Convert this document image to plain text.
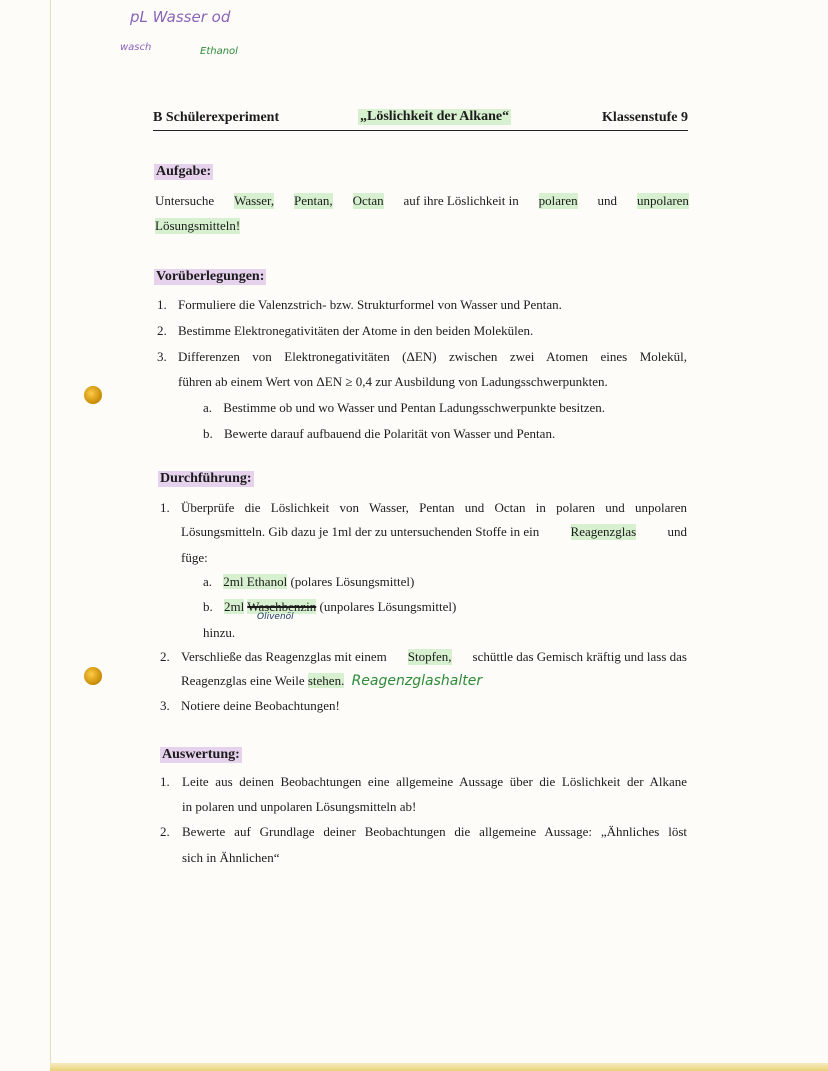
pL Wasser od
wasch	Ethanol
B Schülerexperiment	„Löslichkeit der Alkane“	Klassenstufe 9
Aufgabe:
Untersuche Wasser, Pentan, Octan auf ihre Löslichkeit in polaren und unpolaren
Lösungsmitteln!
Vorüberlegungen:
1. Formuliere die Valenzstrich- bzw. Strukturformel von Wasser und Pentan.
2. Bestimme Elektronegativitäten der Atome in den beiden Molekülen.
3. Differenzen von Elektronegativitäten (ΔEN) zwischen zwei Atomen eines Molekül,
führen ab einem Wert von ΔEN ≥ 0,4 zur Ausbildung von Ladungsschwerpunkten.
a. Bestimme ob und wo Wasser und Pentan Ladungsschwerpunkte besitzen.
b. Bewerte darauf aufbauend die Polarität von Wasser und Pentan.
Durchführung:
1. Überprüfe die Löslichkeit von Wasser, Pentan und Octan in polaren und unpolaren
Lösungsmitteln. Gib dazu je 1ml der zu untersuchenden Stoffe in ein Reagenzglas und
füge:
a. 2ml Ethanol (polares Lösungsmittel)
b. 2ml Waschbenzin (unpolares Lösungsmittel)
Olivenöl
hinzu.
2. Verschließe das Reagenzglas mit einem Stopfen, schüttle das Gemisch kräftig und lass das
Reagenzglas eine Weile stehen. Reagenzglashalter
3. Notiere deine Beobachtungen!
Auswertung:
1. Leite aus deinen Beobachtungen eine allgemeine Aussage über die Löslichkeit der Alkane
in polaren und unpolaren Lösungsmitteln ab!
2. Bewerte auf Grundlage deiner Beobachtungen die allgemeine Aussage: „Ähnliches löst
sich in Ähnlichen“
